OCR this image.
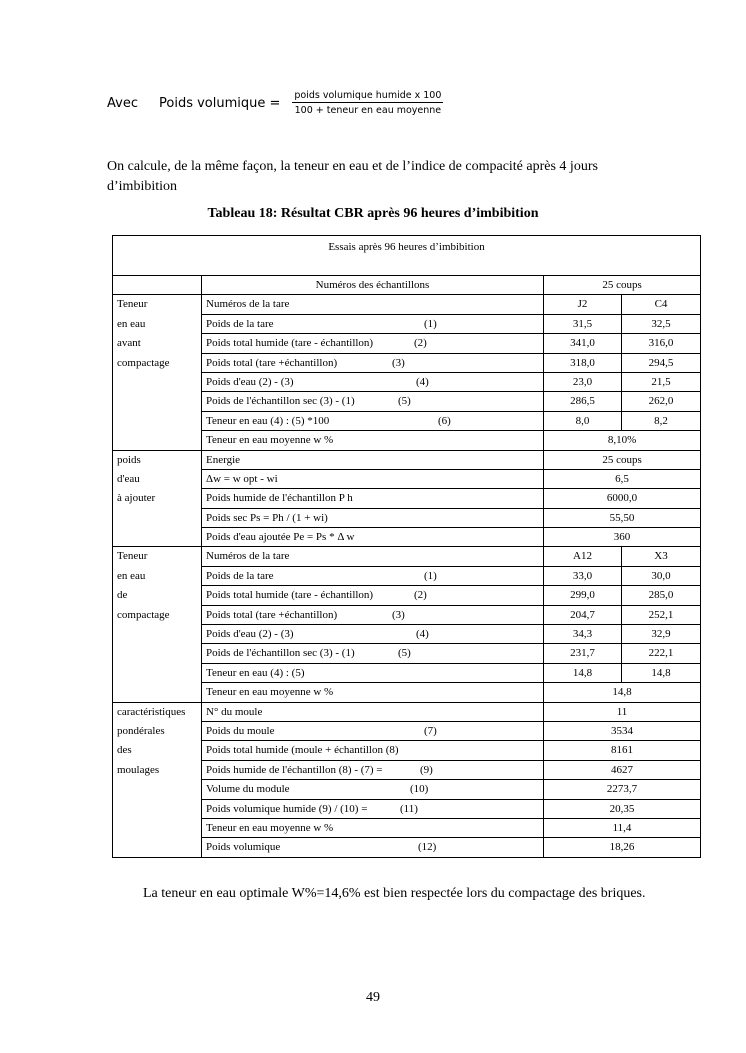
Avec	Poids volumique = $\frac{\text{poids volumique humide x 100}}{\text{100 + teneur en eau moyenne}}$

On calcule, de la même façon, la teneur en eau et de l’indice de compacité après 4 jours d’imbibition

Tableau 18: Résultat CBR après 96 heures d’imbibition

Essais après 96 heures d’imbibition			
	Numéros des échantillons	25 coups	

Teneur
en eau
avant
compactage	Numéros de la tare	J2	C4
	Poids de la tare (1)	31,5	32,5
	Poids total humide (tare - échantillon) (2)	341,0	316,0
	Poids total (tare +échantillon) (3)	318,0	294,5
	Poids d'eau (2) - (3) (4)	23,0	21,5
	Poids de l'échantillon sec (3) - (1) (5)	286,5	262,0
	Teneur en eau (4) : (5) *100 (6)	8,0	8,2
	Teneur en eau moyenne w %	8,10%	

poids
d'eau
à ajouter	Energie	25 coups	
	Δw = w opt - wi	6,5	
	Poids humide de l'échantillon P h	6000,0	
	Poids sec Ps = Ph / (1 + wi)	55,50	
	Poids d'eau ajoutée Pe = Ps * Δ w	360	

Teneur
en eau
de
compactage	Numéros de la tare	A12	X3
	Poids de la tare (1)	33,0	30,0
	Poids total humide (tare - échantillon) (2)	299,0	285,0
	Poids total (tare +échantillon) (3)	204,7	252,1
	Poids d'eau (2) - (3) (4)	34,3	32,9
	Poids de l'échantillon sec (3) - (1) (5)	231,7	222,1
	Teneur en eau (4) : (5)	14,8	14,8
	Teneur en eau moyenne w %	14,8	

caractéristiques
pondérales
des
moulages	N° du moule	11	
	Poids du moule (7)	3534	
	Poids total humide (moule + échantillon (8)	8161	
	Poids humide de l'échantillon (8) - (7) = (9)	4627	
	Volume du module (10)	2273,7	
	Poids volumique humide (9) / (10) = (11)	20,35	
	Teneur en eau moyenne w %	11,4	
	Poids volumique (12)	18,26	

La teneur en eau optimale W%=14,6% est bien respectée lors du compactage des briques.

49
